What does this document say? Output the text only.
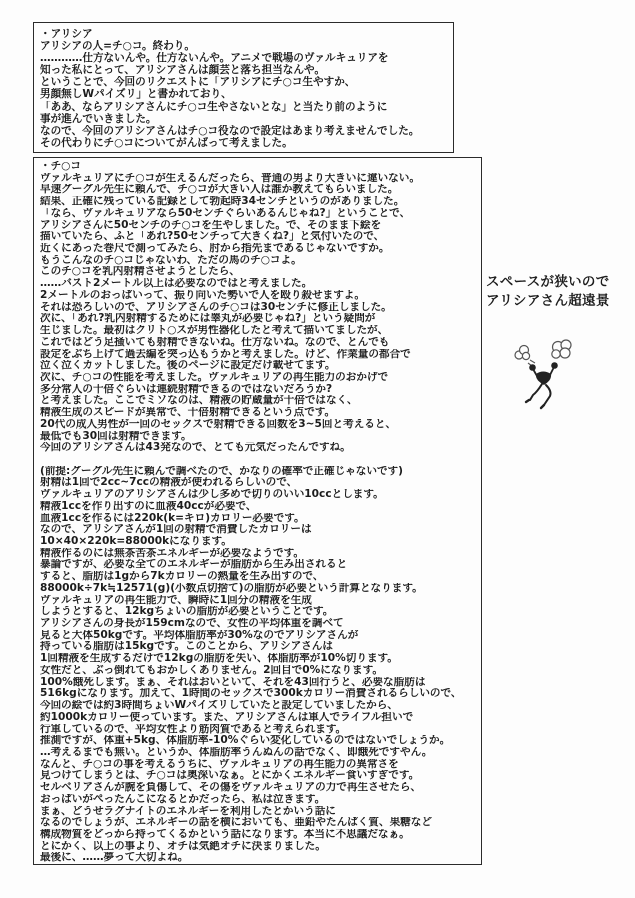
・アリシア
アリシアの人=チ○コ。終わり。
…………仕方ないんや。仕方ないんや。アニメで戦場のヴァルキュリアを
知った私にとって、アリシアさんは顔芸と落ち担当なんや。
ということで、今回のリクエストに「アリシアにチ○コ生やすか、
男顔無しWパイズリ」と書かれており、
「ああ、ならアリシアさんにチ○コ生やさないとな」と当たり前のように
事が進んでいきました。
なので、今回のアリシアさんはチ○コ役なので設定はあまり考えませんでした。
その代わりにチ○コについてがんばって考えました。
・チ○コ
ヴァルキュリアにチ○コが生えるんだったら、普通の男より大きいに違いない。
早速グーグル先生に頼んで、チ○コが大きい人は誰か教えてもらいました。
結果、正確に残っている記録として勃起時34センチというのがありました。
「なら、ヴァルキュリアなら50センチぐらいあるんじゃね?」ということで、
アリシアさんに50センチのチ○コを生やしました。で、そのまま下絵を
描いていたら、ふと「あれ?50センチって大きくね?」と気付いたので、
近くにあった巻尺で測ってみたら、肘から指先まであるじゃないですか。
もうこんなのチ○コじゃないわ、ただの馬のチ○コよ。
このチ○コを乳内射精させようとしたら、
……バスト2メートル以上は必要なのではと考えました。
2メートルのおっぱいって、振り向いた勢いで人を殴り殺せますよ。
それは恐ろしいので、アリシアさんのチ○コは30センチに修正しました。
次に、「あれ?乳内射精するためには睾丸が必要じゃね?」という疑問が
生じました。最初はクリト○スが男性器化したと考えて描いてましたが、
これではどう足掻いても射精できないね。仕方ないね。なので、とんでも
設定をぶち上げて過去編を突っ込もうかと考えました。けど、作業量の都合で
泣く泣くカットしました。後のページに設定だけ載せてます。
次に、チ○コの性能を考えました。ヴァルキュリアの再生能力のおかげで
多分常人の十倍ぐらいは連続射精できるのではないだろうか?
と考えました。ここでミソなのは、精液の貯蔵量が十倍ではなく、
精液生成のスピードが異常で、十倍射精できるという点です。
20代の成人男性が一回のセックスで射精できる回数を3~5回と考えると、
最低でも30回は射精できます。
今回のアリシアさんは43発なので、とても元気だったんですね。

(前提:グーグル先生に頼んで調べたので、かなりの確率で正確じゃないです)
射精は1回で2cc~7ccの精液が使われるらしいので、
ヴァルキュリアのアリシアさんは少し多めで切りのいい10ccとします。
精液1ccを作り出すのに血液40ccが必要で、
血液1ccを作るには220k(k=キロ)カロリー必要です。
なので、アリシアさんが1回の射精で消費したカロリーは
10×40×220k=88000kになります。
精液作るのには無茶苦茶エネルギーが必要なようです。
暴論ですが、必要な全てのエネルギーが脂肪から生み出されると
すると、脂肪は1gから7kカロリーの熱量を生み出すので、
88000k÷7k≒12571(g)(小数点切捨て)の脂肪が必要という計算となります。
ヴァルキュリアの再生能力で、瞬時に1回分の精液を生成
しようとすると、12kgちょいの脂肪が必要ということです。
アリシアさんの身長が159cmなので、女性の平均体重を調べて
見ると大体50kgです。平均体脂肪率が30%なのでアリシアさんが
持っている脂肪は15kgです。このことから、アリシアさんは
1回精液を生成するだけで12kgの脂肪を失い、体脂肪率が10%切ります。
女性だと、ぶっ倒れてもおかしくありません。2回目で0%になります。
100%餓死します。まぁ、それはおいといて、それを43回行うと、必要な脂肪は
516kgになります。加えて、1時間のセックスで300kカロリー消費されるらしいので、
今回の絵では約3時間ちょいWパイズリしていたと設定していましたから、
約1000kカロリー使っています。また、アリシアさんは軍人でライフル担いで
行軍しているので、平均女性より筋肉質であると考えられます。
推測ですが、体重+5kg、体脂肪率-10%ぐらい変化しているのではないでしょうか。
…考えるまでも無い。というか、体脂肪率うんぬんの話でなく、即餓死ですやん。
なんと、チ○コの事を考えるうちに、ヴァルキュリアの再生能力の異常さを
見つけてしまうとは、チ○コは奥深いなぁ。とにかくエネルギー食いすぎです。
セルベリアさんが腕を負傷して、その傷をヴァルキュリアの力で再生させたら、
おっぱいがぺったんこになるとかだったら、私は泣きます。
まぁ、どうせラグナイトのエネルギーを利用したとかいう話に
なるのでしょうが、エネルギーの話を横においても、亜鉛やたんぱく質、果糖など
構成物質をどっから持ってくるかという話になります。本当に不思議だなぁ。
とにかく、以上の事より、オチは気絶オチに決まりました。
最後に、……夢って大切よね。
スペースが狭いので
アリシアさん超遠景
